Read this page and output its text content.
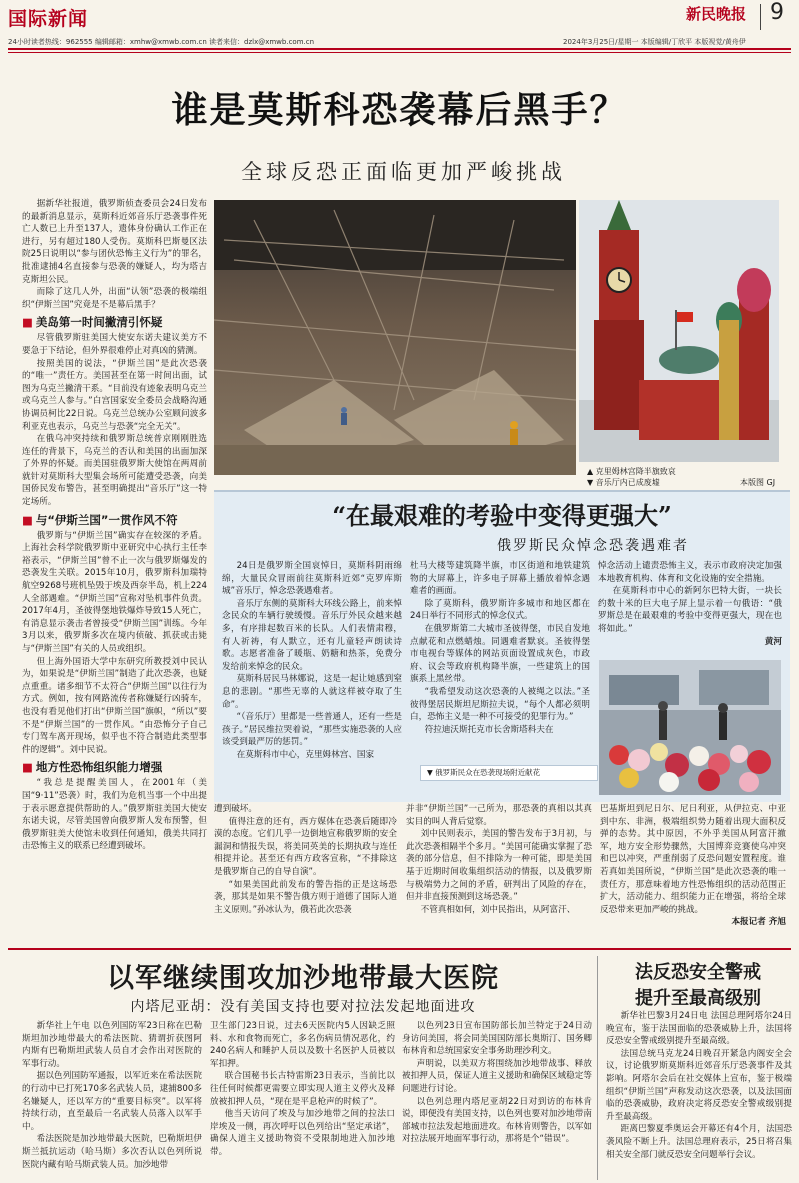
国际新闻
24小时读者热线：962555 编辑邮箱：xmhw@xmwb.com.cn 读者来信：dzlx@xmwb.com.cn
新民晚报 9
2024年3月25日/星期一 本版编辑/丁欣平 本版视觉/黄舟伊
谁是莫斯科恐袭幕后黑手？
全球反恐正面临更加严峻挑战

据新华社报道，俄罗斯侦查委员会24日发布的最新消息显示，莫斯科近郊音乐厅恐袭事件死亡人数已上升至137人，遗体身份确认工作正在进行，另有超过180人受伤。莫斯科巴斯曼区法院25日说明以“参与团伙恐怖主义行为”的罪名，批准逮捕4名直接参与恐袭的嫌疑人，均为塔吉克斯坦公民。

而除了这几人外，出面“认领”恐袭的极端组织“伊斯兰国”究竟是不是幕后黑手？

■ 美岛第一时间撇清引怀疑

尽管俄罗斯驻美国大使安东诺夫建议美方不要急于下结论，但外界很难停止对真凶的猜测。

按照美国的说法，“伊斯兰国”是此次恐袭的“唯一”责任方。美国甚至在第一时间出面，试图为乌克兰撇清干系。“目前没有迹象表明乌克兰或乌克兰人参与。”白宫国家安全委员会战略沟通协调员柯比22日说。乌克兰总统办公室顾问波多利亚克也表示，乌克兰与恐袭“完全无关”。

在俄乌冲突持续和俄罗斯总统普京刚刚胜选连任的背景下，乌克兰的否认和美国的出面加深了外界的怀疑。而美国驻俄罗斯大使馆在两周前就针对莫斯科大型集会场所可能遭受恐袭，向美国侨民发布警告，甚至明确提出“音乐厅”这一特定场所。

■ 与“伊斯兰国”一贯作风不符

俄罗斯与“伊斯兰国”确实存在较深的矛盾。上海社会科学院俄罗斯中亚研究中心执行主任李裕表示，“伊斯兰国”曾不止一次与俄罗斯爆发的恐袭发生关联。2015年10月，俄罗斯科加瑞特航空9268号班机坠毁于埃及西奈半岛，机上224人全部遇难。“伊斯兰国”宣称对坠机事件负责。2017年4月，圣彼得堡地铁爆炸导致15人死亡，有消息显示袭击者曾接受“伊斯兰国”训练。今年3月以来，俄罗斯多次在境内侦破、抓获或击毙与“伊斯兰国”有关的人员或组织。

但上海外国语大学中东研究所教授刘中民认为，如果说是“伊斯兰国”制造了此次恐袭，也疑点重重。诸多细节不太符合“伊斯兰国”以往行为方式。例如，按有网路流传者称嫌疑行凶骑车，也没有看见他们打出“伊斯兰国”旗帜，“所以”要不是“伊斯兰国”的一贯作风。“由恐怖分子自己专门驾车离开现场，似乎也不符合制造此类型事件的逻辑”。刘中民说。

■ 地方性恐怖组织能力增强

“我总是提醒美国人，在2001年（美国“9·11”恐袭）时，我们为危机当事一个中出提于表示愿意提供帮助的人。”俄罗斯驻美国大使安东诺夫说，尽管美国曾向俄罗斯人发布预警，但俄罗斯驻美大使馆未收到任何通知，俄美共同打击恐怖主义的联系已经遭到破坏。

▲ 克里姆林宫降半旗致哀
▼ 音乐厅内已成废墟	本版图 GJ
“在最艰难的考验中变得更强大”
俄罗斯民众悼念恐袭遇难者

24日是俄罗斯全国哀悼日，莫斯科阴雨绵绵，大量民众冒雨前往莫斯科近郊“克罗库斯城”音乐厅，悼念恐袭遇难者。

音乐厅东侧的莫斯科大环线公路上，前来悼念民众的车辆行驶缓慢。音乐厅外民众越来越多，有序排起数百米的长队。人们表情肃穆，有人祈祷，有人默立，还有儿童轻声朗读诗歌。志愿者准备了暖瓶、奶糖和热茶，免费分发给前来悼念的民众。

莫斯科居民马林娜说，这是一起让她感到窒息的悲剧。“那些无辜的人就这样被夺取了生命”。

“（音乐厅）里都是一些普通人，还有一些是孩子。”居民维拉哭着说，“那些实施恐袭的人应该受到最严厉的惩罚。”

在莫斯科市中心，克里姆林宫、国家

杜马大楼等建筑降半旗，市区街道和地铁建筑物的大屏幕上，许多电子屏幕上播放着悼念遇难者的画面。

除了莫斯科，俄罗斯许多城市和地区都在24日举行不同形式的悼念仪式。

在俄罗斯第二大城市圣彼得堡，市民自发地点献花和点燃蜡烛。同遇难者默哀。圣彼得堡市电视台等媒体的网站页面设置成灰色，市政府、议会等政府机构降半旗，一些建筑上的国旗系上黑丝带。

“我希望发动这次恐袭的人被绳之以法。”圣彼得堡居民斯坦尼斯拉夫说，“每个人都必须明白，恐怖主义是一种不可接受的犯罪行为。”

符拉迪沃斯托克市长舍斯塔科夫在

悼念活动上谴责恐怖主义，表示市政府决定加强本地教育机构、体育和文化设施的安全措施。

在莫斯科市中心的新阿尔巴特大街，一块长约数十米的巨大电子屏上显示着一句俄语：“俄罗斯总是在最艰难的考验中变得更强大，现在也将如此。”

黄河

▼ 俄罗斯民众在恐袭现场附近献花

遭到破坏。

值得注意的还有，西方媒体在恐袭后随即冷漠的态度。它们几乎一边倒地宣称俄罗斯的安全漏洞和情报失误，将美同英美的长期执政与连任相提并论。甚至还有西方政客宣称，“不排除这是俄罗斯自己的自导自演”。

“如果美国此前发布的警告指的正是这场恐袭，那其是如果不警告俄方则于道德了国际人道主义原则。”孙冰认为，俄若此次恐袭

并非“伊斯兰国”一己所为，那恐袭的真相以其真实目的叫人背后觉察。

刘中民则表示，美国的警告发布于3月初，与此次恐袭相隔半个多月。“美国可能确实掌握了恐袭的部分信息，但不排除为一种可能，即是美国基于近期时间收集组织活动的情报，以及俄罗斯与极端势力之间的矛盾，研判出了风险的存在，但并非直接预测到这场恐袭。”

不管真相如何，刘中民指出，从阿富汗、

巴基斯坦到尼日尔、尼日利亚，从伊拉克、中亚到中东、非洲，极端组织势力随着出现大面积反弹的态势。其中原因，不外乎美国从阿富汗撤军，地方安全形势骤然，大国博弈竞赛使乌冲突和巴以冲突，严重削弱了反恐问题安置程度。谁若真如美国所说，“伊斯兰国”是此次恐袭的唯一责任方，那意味着地方性恐怖组织的活动范围正扩大，活动能力、组织能力正在增强，将给全球反恐带来更加严峻的挑战。

本报记者 齐旭

以军继续围攻加沙地带最大医院
内塔尼亚胡：没有美国支持也要对拉法发起地面进攻

新华社上午电 以色列国防军23日称在巴勒斯坦加沙地带最大的希法医院、猜谓折获图阿内斯有巴勒斯坦武装人员自才会作出对医院的军事行动。

据以色列国防军通报，以军近来在希法医院的行动中已打死170多名武装人员，逮捕800多名嫌疑人，还以军方的“重要目标突”。以军将持续行动，直至最后一名武装人员落入以军手中。

希法医院是加沙地带最大医院，巴勒斯坦伊斯兰抵抗运动（哈马斯）多次否认以色列所说医院内藏有哈马斯武装人员。加沙地带

卫生部门23日说，过去6天医院内5人因缺乏照料、水和食物而死亡，多名伤病员情况恶化，约240名病人和睡护人员以及数十名医护人员被以军扣押。

联合国秘书长古特雷斯23日表示，当前比以往任何时候都更需要立即实现人道主义停火及释放被扣押人员，“现在是平息枪声的时候了”。

他当天访问了埃及与加沙地带之间的拉法口岸埃及一侧，再次呼吁以色列给出“坚定承诺”，确保人道主义援助物资不受限制地进入加沙地带。

以色列23日宣布国防部长加兰特定于24日动身访问美国，将会同美国国防部长奥斯汀、国务卿布林肯和总统国家安全事务助理沙利文。

声明说，以美双方将围绕加沙地带战事、释放被扣押人员，保证人道主义援助和确保区域稳定等问题进行讨论。

以色列总理内塔尼亚胡22日对到访的布林肯说，即便没有美国支持，以色列也要对加沙地带南部城市拉法发起地面进攻。布林肯则警告，以军如对拉法展开地面军事行动，那将是个“错误”。

法反恐安全警戒
提升至最高级别

新华社巴黎3月24日电 法国总理阿塔尔24日晚宣布，鉴于法国面临的恐袭威胁上升，法国将反恐安全警戒级别提升至最高级。

法国总统马克龙24日晚召开紧急内阁安全会议，讨论俄罗斯莫斯科近郊音乐厅恐袭事件及其影响。阿塔尔会后在社交媒体上宣布，鉴于极端组织“伊斯兰国”声称发动这次恐袭，以及法国面临的恐袭威胁，政府决定将反恐安全警戒级别提升至最高级。

距离巴黎夏季奥运会开幕还有4个月，法国恐袭风险不断上升。法国总理府表示，25日将召集相关安全部门就反恐安全问题举行会议。
